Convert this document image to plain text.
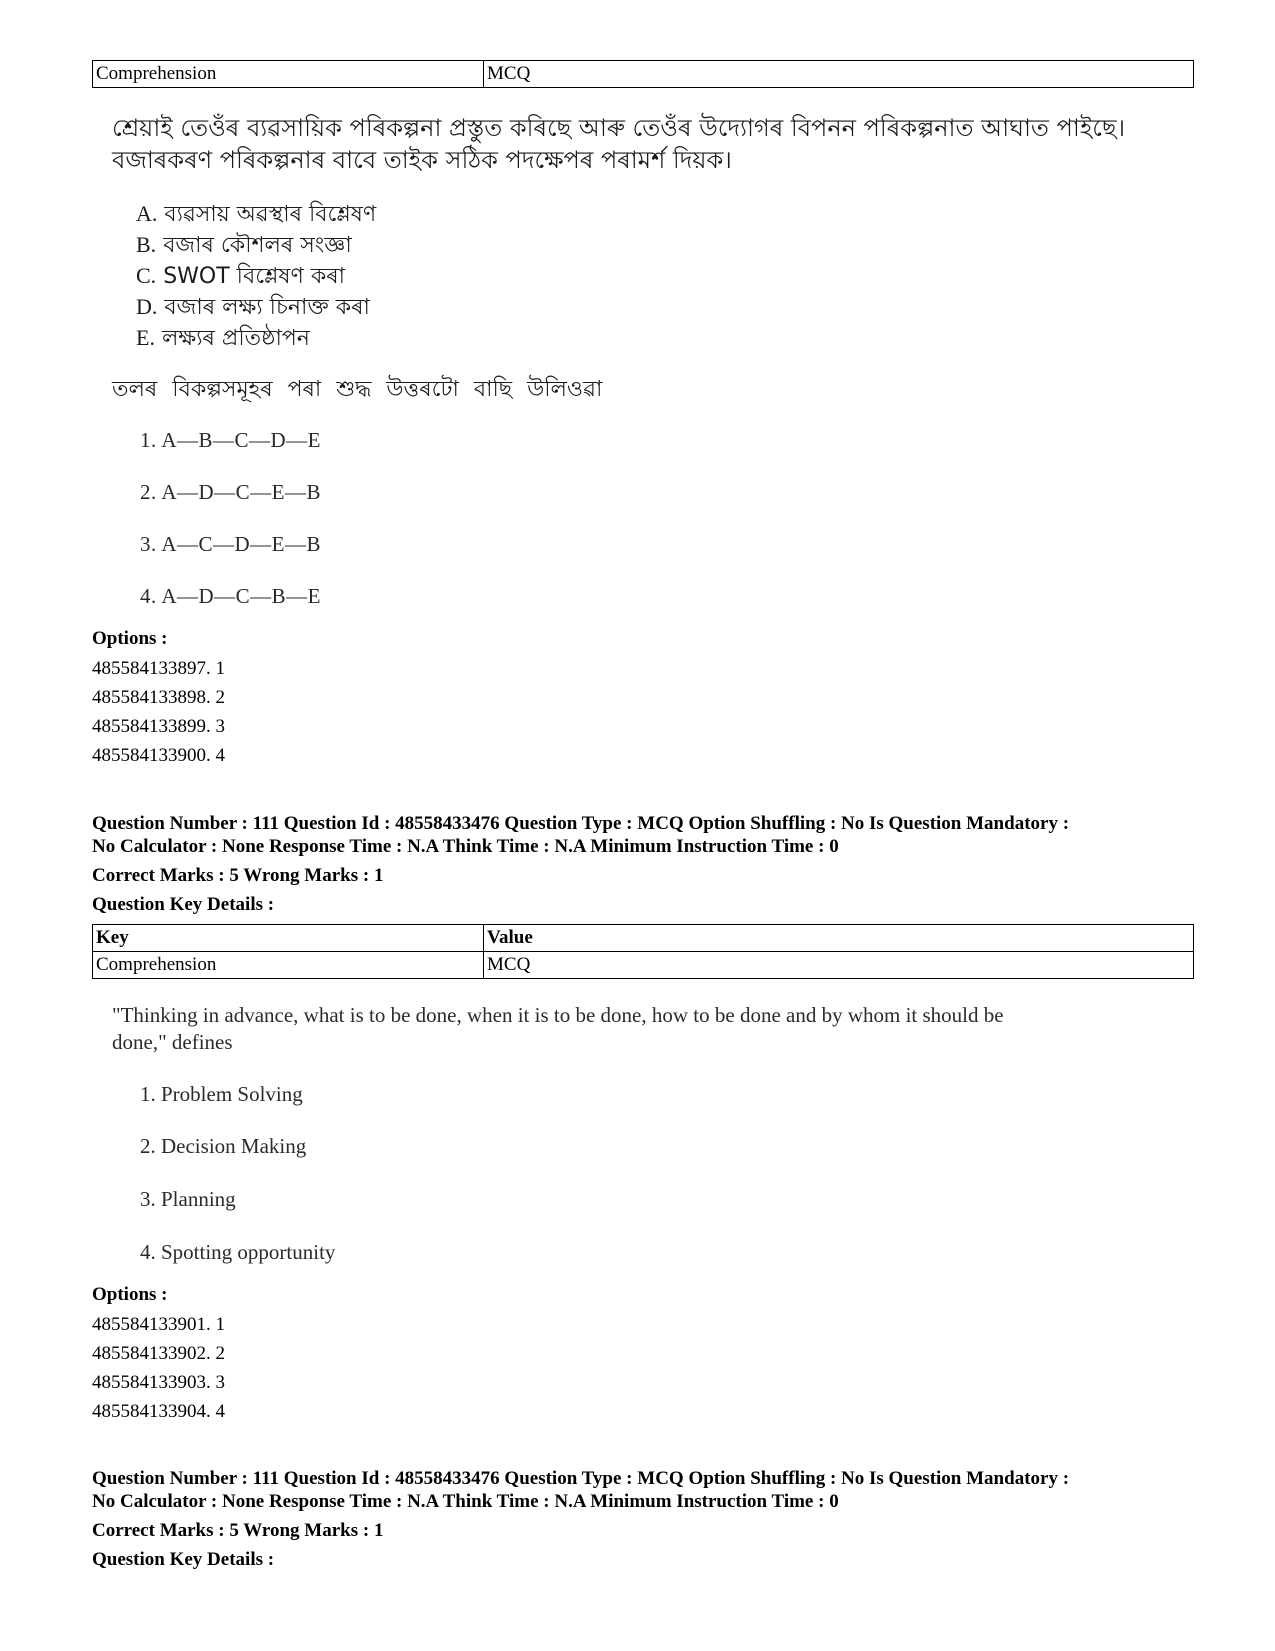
Comprehension	MCQ
শ্ৰেয়াই তেওঁৰ ব্যৱসায়িক পৰিকল্পনা প্ৰস্তুত কৰিছে আৰু তেওঁৰ উদ্যোগৰ বিপনন পৰিকল্পনাত আঘাত পাইছে।
বজাৰকৰণ পৰিকল্পনাৰ বাবে তাইক সঠিক পদক্ষেপৰ পৰামৰ্শ দিয়ক।
A. ব্যৱসায় অৱস্থাৰ বিশ্লেষণ
B. বজাৰ কৌশলৰ সংজ্ঞা
C. SWOT বিশ্লেষণ কৰা
D. বজাৰ লক্ষ্য চিনাক্ত কৰা
E. লক্ষ্যৰ প্ৰতিষ্ঠাপন
তলৰ বিকল্পসমূহৰ পৰা শুদ্ধ উত্তৰটো বাছি উলিওৱা
1. A—B—C—D—E
2. A—D—C—E—B
3. A—C—D—E—B
4. A—D—C—B—E
Options :
485584133897. 1
485584133898. 2
485584133899. 3
485584133900. 4
Question Number : 111 Question Id : 48558433476 Question Type : MCQ Option Shuffling : No Is Question Mandatory :
No Calculator : None Response Time : N.A Think Time : N.A Minimum Instruction Time : 0
Correct Marks : 5 Wrong Marks : 1
Question Key Details :
Key	Value
Comprehension	MCQ
"Thinking in advance, what is to be done, when it is to be done, how to be done and by whom it should be
done," defines
1. Problem Solving
2. Decision Making
3. Planning
4. Spotting opportunity
Options :
485584133901. 1
485584133902. 2
485584133903. 3
485584133904. 4
Question Number : 111 Question Id : 48558433476 Question Type : MCQ Option Shuffling : No Is Question Mandatory :
No Calculator : None Response Time : N.A Think Time : N.A Minimum Instruction Time : 0
Correct Marks : 5 Wrong Marks : 1
Question Key Details :
